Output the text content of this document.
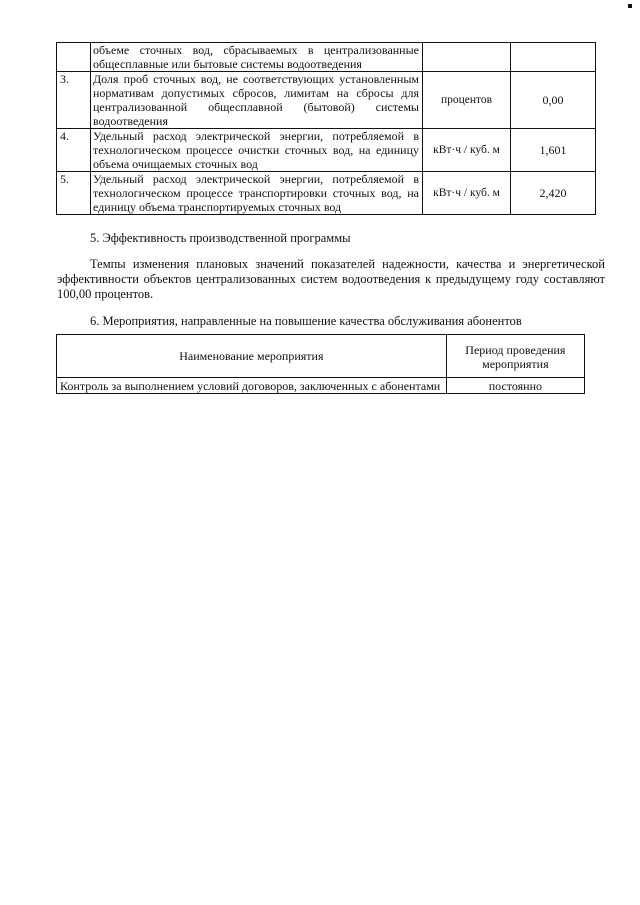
	объеме сточных вод, сбрасываемых в централизованные общесплавные или бытовые системы водоотведения		
3.	Доля проб сточных вод, не соответствующих установленным нормативам допустимых сбросов, лимитам на сбросы для централизованной общесплавной (бытовой) системы водоотведения	процентов	0,00
4.	Удельный расход электрической энергии, потребляемой в технологическом процессе очистки сточных вод, на единицу объема очищаемых сточных вод	кВт·ч / куб. м	1,601
5.	Удельный расход электрической энергии, потребляемой в технологическом процессе транспортировки сточных вод, на единицу объема транспортируемых сточных вод	кВт·ч / куб. м	2,420

5. Эффективность производственной программы

Темпы изменения плановых значений показателей надежности, качества и энергетической эффективности объектов централизованных систем водоотведения к предыдущему году составляют 100,00 процентов.

6. Мероприятия, направленные на повышение качества обслуживания абонентов

Наименование мероприятия	Период проведения мероприятия
Контроль за выполнением условий договоров, заключенных с абонентами	постоянно
